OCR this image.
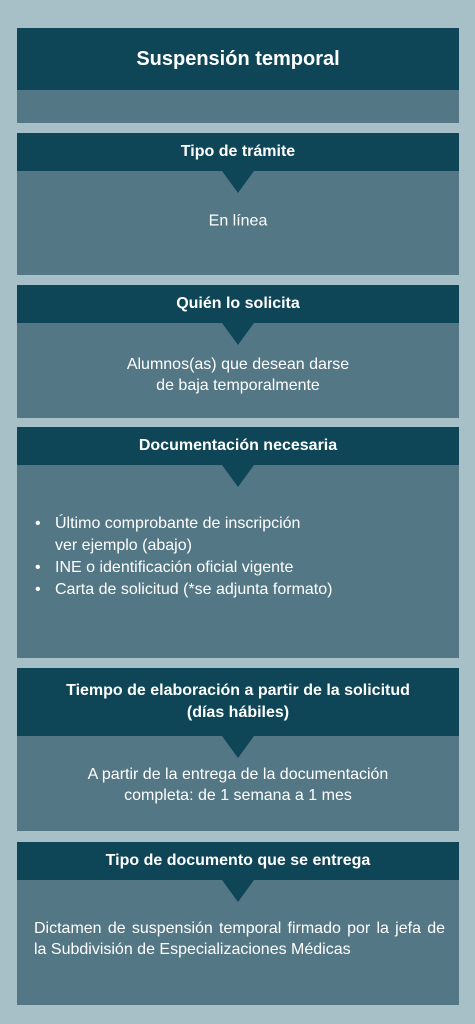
Suspensión temporal
Tipo de trámite
En línea
Quién lo solicita
Alumnos(as) que desean darse
de baja temporalmente
Documentación necesaria
• Último comprobante de inscripción
ver ejemplo (abajo)
• INE o identificación oficial vigente
• Carta de solicitud (*se adjunta formato)
Tiempo de elaboración a partir de la solicitud
(días hábiles)
A partir de la entrega de la documentación
completa: de 1 semana a 1 mes
Tipo de documento que se entrega
Dictamen de suspensión temporal firmado por la jefa de la Subdivisión de Especializaciones Médicas
